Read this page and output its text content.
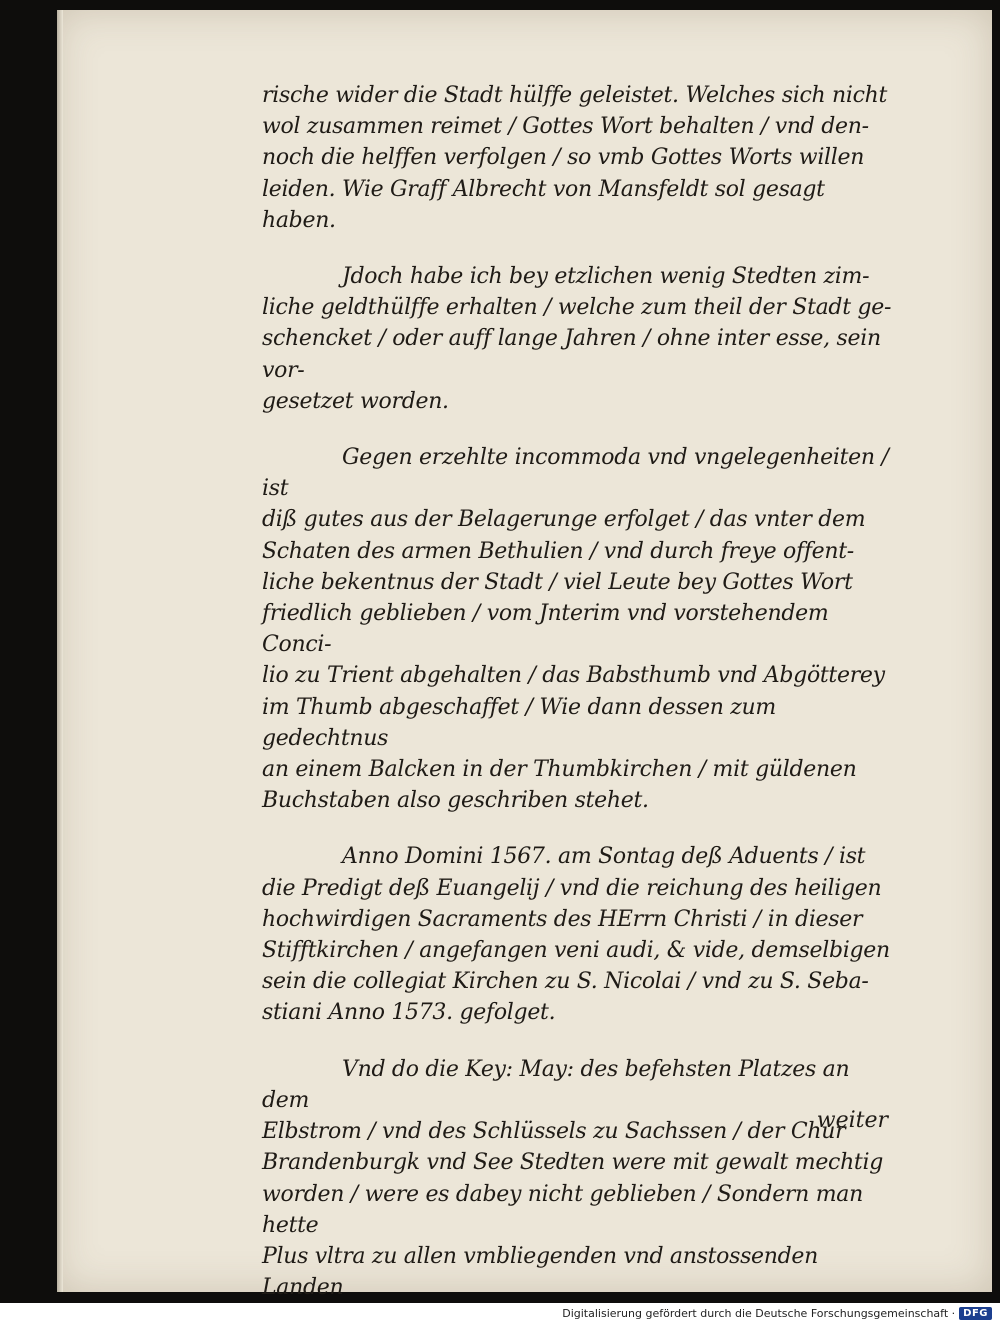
rische wider die Stadt hülffe geleistet. Welches sich nicht
wol zusammen reimet / Gottes Wort behalten / vnd den-
noch die helffen verfolgen / so vmb Gottes Worts willen
leiden. Wie Graff Albrecht von Mansfeldt sol gesagt
haben.

Jdoch habe ich bey etzlichen wenig Stedten zim-
liche geldthülffe erhalten / welche zum theil der Stadt ge-
schencket / oder auff lange Jahren / ohne inter esse, sein vor-
gesetzet worden.

Gegen erzehlte incommoda vnd vngelegenheiten / ist
diß gutes aus der Belagerunge erfolget / das vnter dem
Schaten des armen Bethulien / vnd durch freye offent-
liche bekentnus der Stadt / viel Leute bey Gottes Wort
friedlich geblieben / vom Jnterim vnd vorstehendem Conci-
lio zu Trient abgehalten / das Babsthumb vnd Abgötterey
im Thumb abgeschaffet / Wie dann dessen zum gedechtnus
an einem Balcken in der Thumbkirchen / mit güldenen
Buchstaben also geschriben stehet.

Anno Domini 1567. am Sontag deß Aduents / ist
die Predigt deß Euangelij / vnd die reichung des heiligen
hochwirdigen Sacraments des HErrn Christi / in dieser
Stifftkirchen / angefangen veni audi, & vide, demselbigen
sein die collegiat Kirchen zu S. Nicolai / vnd zu S. Seba-
stiani Anno 1573. gefolget.

Vnd do die Key: May: des befehsten Platzes an dem
Elbstrom / vnd des Schlüssels zu Sachssen / der Chur
Brandenburgk vnd See Stedten were mit gewalt mechtig
worden / were es dabey nicht geblieben / Sondern man hette
Plus vltra zu allen vmbliegenden vnd anstossenden Landen

weiter
Digitalisierung gefördert durch die Deutsche Forschungsgemeinschaft · DFG
